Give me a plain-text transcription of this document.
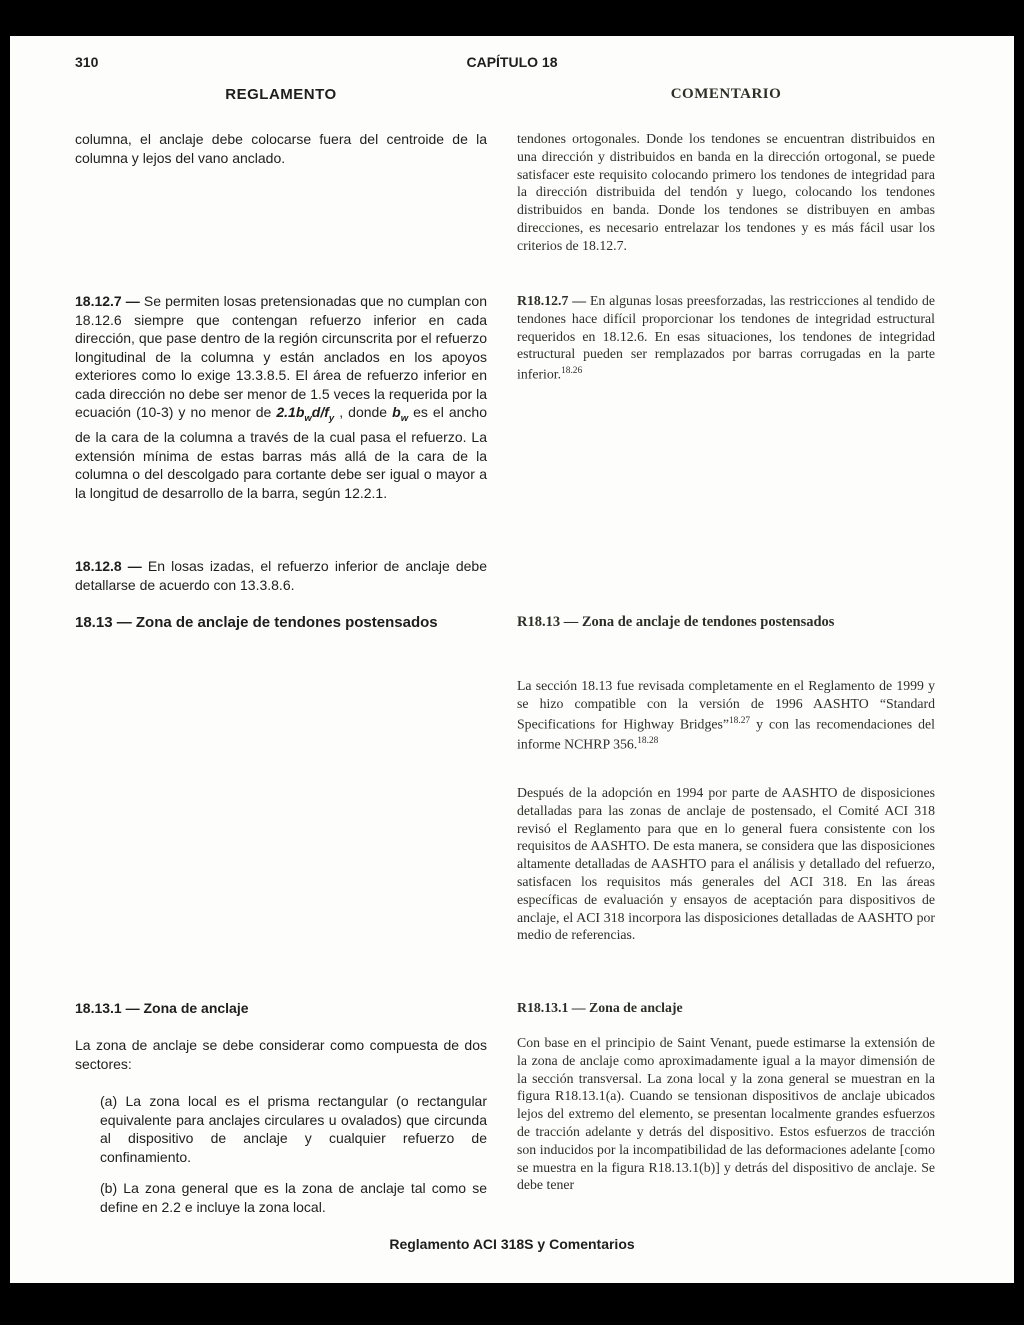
310	CAPÍTULO 18
REGLAMENTO	COMENTARIO
columna, el anclaje debe colocarse fuera del centroide de la columna y lejos del vano anclado.
18.12.7 — Se permiten losas pretensionadas que no cumplan con 18.12.6 siempre que contengan refuerzo inferior en cada dirección, que pase dentro de la región circunscrita por el refuerzo longitudinal de la columna y están anclados en los apoyos exteriores como lo exige 13.3.8.5. El área de refuerzo inferior en cada dirección no debe ser menor de 1.5 veces la requerida por la ecuación (10-3) y no menor de $2.1b_wd/f_y$ , donde $b_w$ es el ancho de la cara de la columna a través de la cual pasa el refuerzo. La extensión mínima de estas barras más allá de la cara de la columna o del descolgado para cortante debe ser igual o mayor a la longitud de desarrollo de la barra, según 12.2.1.
18.12.8 — En losas izadas, el refuerzo inferior de anclaje debe detallarse de acuerdo con 13.3.8.6.
18.13 — Zona de anclaje de tendones postensados
18.13.1 — Zona de anclaje
La zona de anclaje se debe considerar como compuesta de dos sectores:
(a) La zona local es el prisma rectangular (o rectangular equivalente para anclajes circulares u ovalados) que circunda al dispositivo de anclaje y cualquier refuerzo de confinamiento.
(b) La zona general que es la zona de anclaje tal como se define en 2.2 e incluye la zona local.
tendones ortogonales. Donde los tendones se encuentran distribuidos en una dirección y distribuidos en banda en la dirección ortogonal, se puede satisfacer este requisito colocando primero los tendones de integridad para la dirección distribuida del tendón y luego, colocando los tendones distribuidos en banda. Donde los tendones se distribuyen en ambas direcciones, es necesario entrelazar los tendones y es más fácil usar los criterios de 18.12.7.
R18.12.7 — En algunas losas preesforzadas, las restricciones al tendido de tendones hace difícil proporcionar los tendones de integridad estructural requeridos en 18.12.6. En esas situaciones, los tendones de integridad estructural pueden ser remplazados por barras corrugadas en la parte inferior.$^{18.26}$
R18.13 — Zona de anclaje de tendones postensados
La sección 18.13 fue revisada completamente en el Reglamento de 1999 y se hizo compatible con la versión de 1996 AASHTO “Standard Specifications for Highway Bridges”$^{18.27}$ y con las recomendaciones del informe NCHRP 356.$^{18.28}$
Después de la adopción en 1994 por parte de AASHTO de disposiciones detalladas para las zonas de anclaje de postensado, el Comité ACI 318 revisó el Reglamento para que en lo general fuera consistente con los requisitos de AASHTO. De esta manera, se considera que las disposiciones altamente detalladas de AASHTO para el análisis y detallado del refuerzo, satisfacen los requisitos más generales del ACI 318. En las áreas específicas de evaluación y ensayos de aceptación para dispositivos de anclaje, el ACI 318 incorpora las disposiciones detalladas de AASHTO por medio de referencias.
R18.13.1 — Zona de anclaje
Con base en el principio de Saint Venant, puede estimarse la extensión de la zona de anclaje como aproximadamente igual a la mayor dimensión de la sección transversal. La zona local y la zona general se muestran en la figura R18.13.1(a). Cuando se tensionan dispositivos de anclaje ubicados lejos del extremo del elemento, se presentan localmente grandes esfuerzos de tracción adelante y detrás del dispositivo. Estos esfuerzos de tracción son inducidos por la incompatibilidad de las deformaciones adelante [como se muestra en la figura R18.13.1(b)] y detrás del dispositivo de anclaje. Se debe tener
Reglamento ACI 318S y Comentarios
